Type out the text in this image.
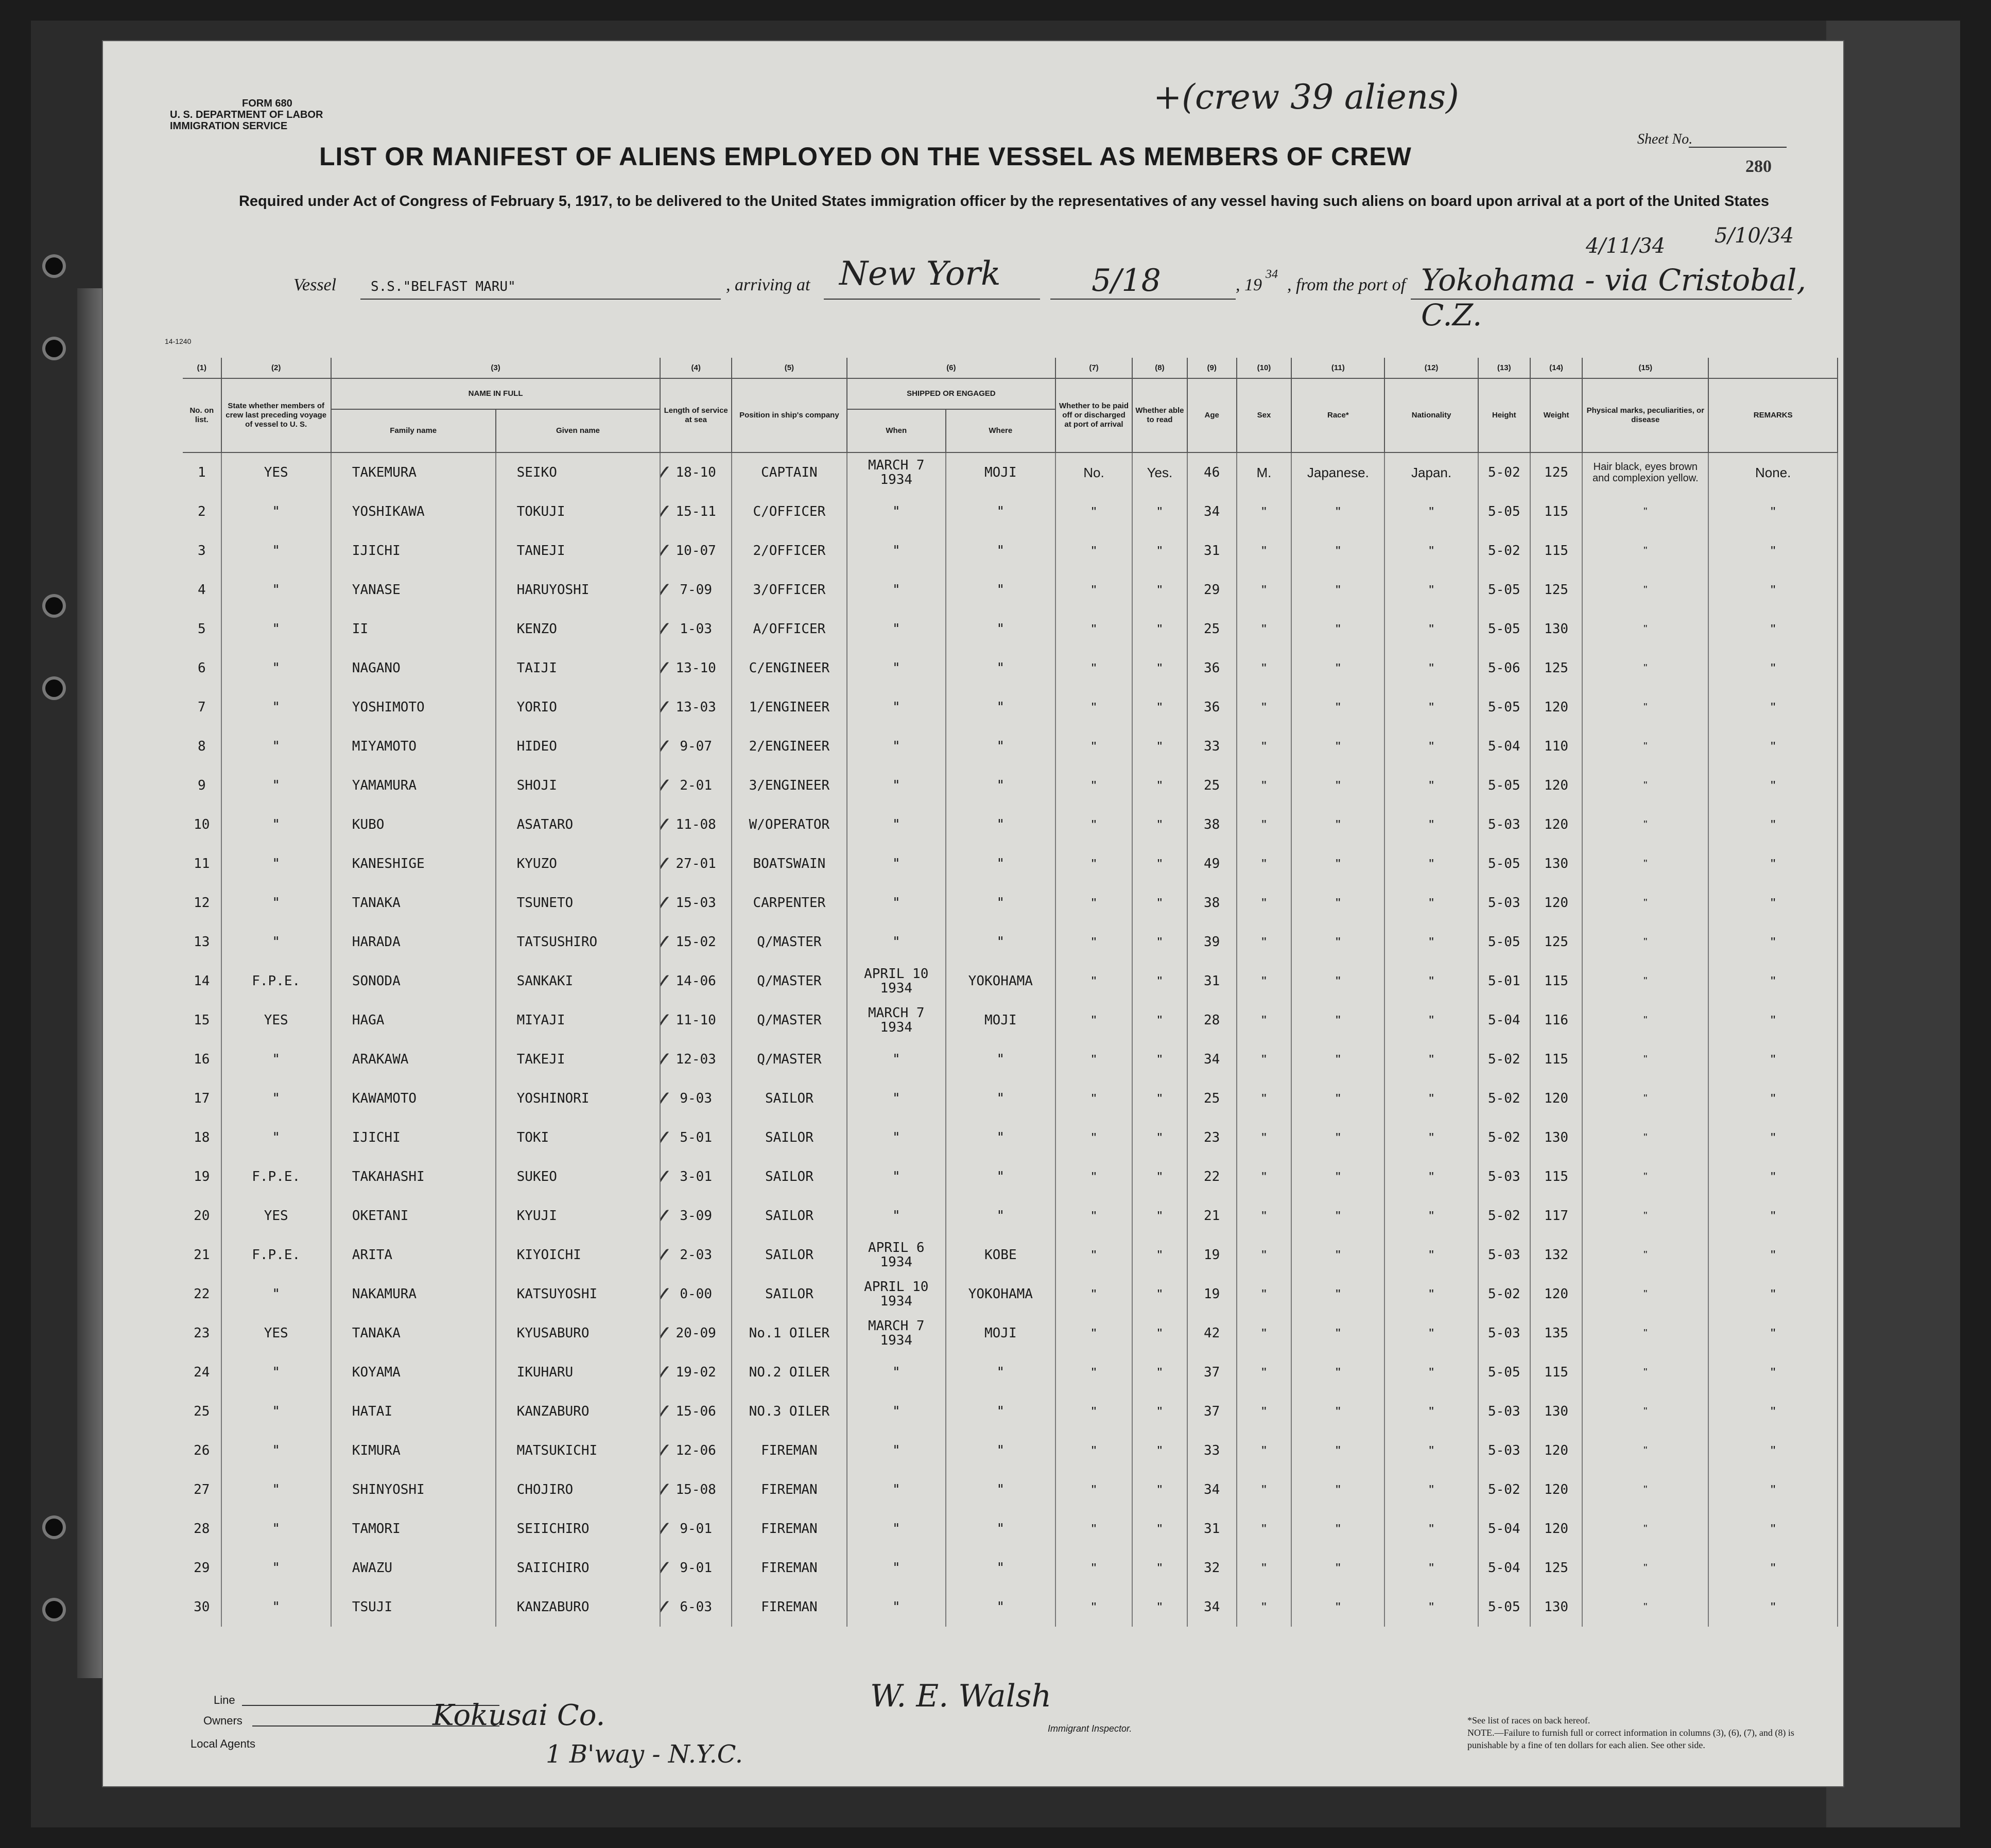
FORM 680
U. S. DEPARTMENT OF LABOR
IMMIGRATION SERVICE
+(crew 39 aliens)
Sheet No.
280
LIST OR MANIFEST OF ALIENS EMPLOYED ON THE VESSEL AS MEMBERS OF CREW
Required under Act of Congress of February 5, 1917, to be delivered to the United States immigration officer by the representatives of any vessel having such aliens on board upon arrival at a port of the United States
Vessel	S.S."BELFAST MARU"	, arriving at New York	5/18	, 19
34
, from the port of Yokohama - via Cristobal, C.Z.
4/11/34 5/10/34
14-1240
(1)	(2)	(3)		(4)	(5)	(6)		(7)	(8)	(9)	(10)	(11)	(12)	(13)	(14)	(15)	
No. on list.	State whether members of crew last preceding voyage of vessel to U. S.	NAME IN FULL		Length of service at sea	Position in ship's company	SHIPPED OR ENGAGED		Whether to be paid off or discharged at port of arrival	Whether able to read	Age	Sex	Race*	Nationality	Height	Weight	Physical marks, peculiarities, or disease	REMARKS
		Family name	Given name			When	Where										
1	YES	TAKEMURA	SEIKO	✓ 18-10	CAPTAIN	MARCH 7 1934	MOJI	No.	Yes.	46	M.	Japanese.	Japan.	5-02	125	Hair black, eyes brown and complexion yellow.	None.
2	"	YOSHIKAWA	TOKUJI	✓ 15-11	C/OFFICER	"	"	"	"	34	"	"	"	5-05	115	"	"
3	"	IJICHI	TANEJI	✓ 10-07	2/OFFICER	"	"	"	"	31	"	"	"	5-02	115	"	"
4	"	YANASE	HARUYOSHI	✓ 7-09	3/OFFICER	"	"	"	"	29	"	"	"	5-05	125	"	"
5	"	II	KENZO	✓ 1-03	A/OFFICER	"	"	"	"	25	"	"	"	5-05	130	"	"
6	"	NAGANO	TAIJI	✓ 13-10	C/ENGINEER	"	"	"	"	36	"	"	"	5-06	125	"	"
7	"	YOSHIMOTO	YORIO	✓ 13-03	1/ENGINEER	"	"	"	"	36	"	"	"	5-05	120	"	"
8	"	MIYAMOTO	HIDEO	✓ 9-07	2/ENGINEER	"	"	"	"	33	"	"	"	5-04	110	"	"
9	"	YAMAMURA	SHOJI	✓ 2-01	3/ENGINEER	"	"	"	"	25	"	"	"	5-05	120	"	"
10	"	KUBO	ASATARO	✓ 11-08	W/OPERATOR	"	"	"	"	38	"	"	"	5-03	120	"	"
11	"	KANESHIGE	KYUZO	✓ 27-01	BOATSWAIN	"	"	"	"	49	"	"	"	5-05	130	"	"
12	"	TANAKA	TSUNETO	✓ 15-03	CARPENTER	"	"	"	"	38	"	"	"	5-03	120	"	"
13	"	HARADA	TATSUSHIRO	✓ 15-02	Q/MASTER	"	"	"	"	39	"	"	"	5-05	125	"	"
14	F.P.E.	SONODA	SANKAKI	✓ 14-06	Q/MASTER	APRIL 10 1934	YOKOHAMA	"	"	31	"	"	"	5-01	115	"	"
15	YES	HAGA	MIYAJI	✓ 11-10	Q/MASTER	MARCH 7 1934	MOJI	"	"	28	"	"	"	5-04	116	"	"
16	"	ARAKAWA	TAKEJI	✓ 12-03	Q/MASTER	"	"	"	"	34	"	"	"	5-02	115	"	"
17	"	KAWAMOTO	YOSHINORI	✓ 9-03	SAILOR	"	"	"	"	25	"	"	"	5-02	120	"	"
18	"	IJICHI	TOKI	✓ 5-01	SAILOR	"	"	"	"	23	"	"	"	5-02	130	"	"
19	F.P.E.	TAKAHASHI	SUKEO	✓ 3-01	SAILOR	"	"	"	"	22	"	"	"	5-03	115	"	"
20	YES	OKETANI	KYUJI	✓ 3-09	SAILOR	"	"	"	"	21	"	"	"	5-02	117	"	"
21	F.P.E.	ARITA	KIYOICHI	✓ 2-03	SAILOR	APRIL 6 1934	KOBE	"	"	19	"	"	"	5-03	132	"	"
22	"	NAKAMURA	KATSUYOSHI	✓ 0-00	SAILOR	APRIL 10 1934	YOKOHAMA	"	"	19	"	"	"	5-02	120	"	"
23	YES	TANAKA	KYUSABURO	✓ 20-09	No.1 OILER	MARCH 7 1934	MOJI	"	"	42	"	"	"	5-03	135	"	"
24	"	KOYAMA	IKUHARU	✓ 19-02	NO.2 OILER	"	"	"	"	37	"	"	"	5-05	115	"	"
25	"	HATAI	KANZABURO	✓ 15-06	NO.3 OILER	"	"	"	"	37	"	"	"	5-03	130	"	"
26	"	KIMURA	MATSUKICHI	✓ 12-06	FIREMAN	"	"	"	"	33	"	"	"	5-03	120	"	"
27	"	SHINYOSHI	CHOJIRO	✓ 15-08	FIREMAN	"	"	"	"	34	"	"	"	5-02	120	"	"
28	"	TAMORI	SEIICHIRO	✓ 9-01	FIREMAN	"	"	"	"	31	"	"	"	5-04	120	"	"
29	"	AWAZU	SAIICHIRO	✓ 9-01	FIREMAN	"	"	"	"	32	"	"	"	5-04	125	"	"
30	"	TSUJI	KANZABURO	✓ 6-03	FIREMAN	"	"	"	"	34	"	"	"	5-05	130	"	"
Line
Owners
Local Agents
Kokusai Co.
1 B'way - N.Y.C.
W. E. Walsh
Immigrant Inspector.
*See list of races on back hereof.
NOTE.—Failure to furnish full or correct information in columns (3), (6), (7), and (8) is punishable by a fine of ten dollars for each alien. See other side.
